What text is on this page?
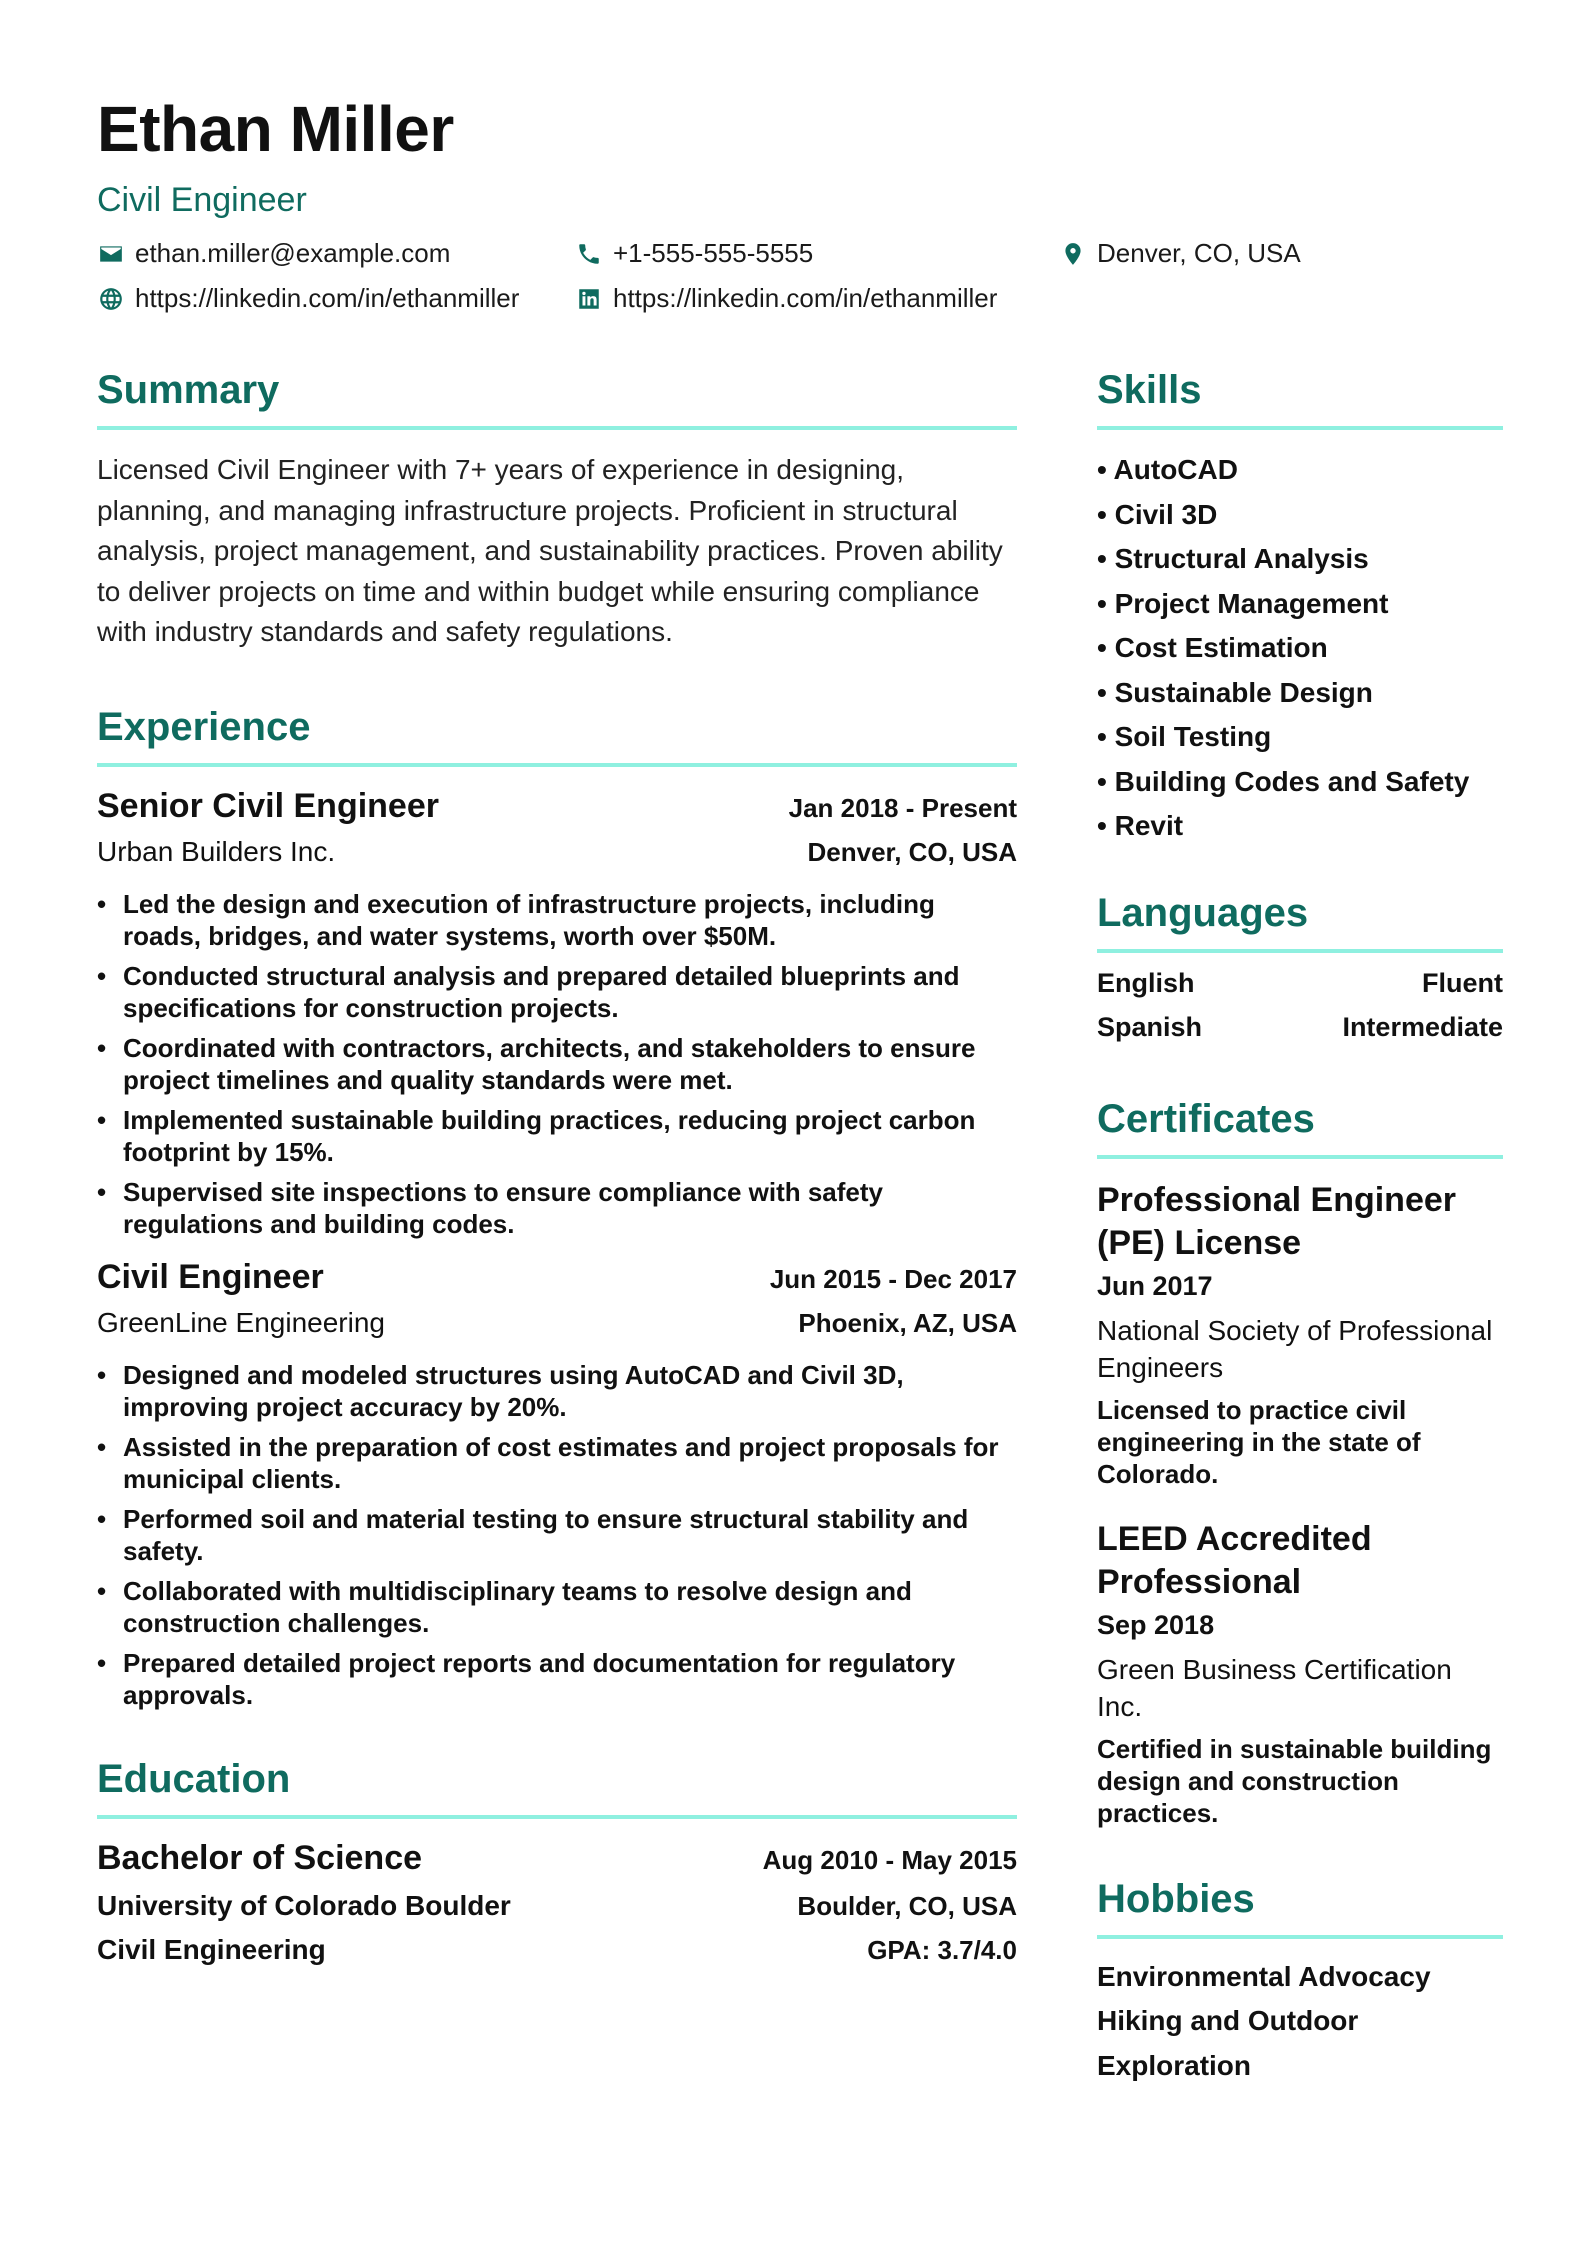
Ethan Miller
Civil Engineer
ethan.miller@example.com	+1-555-555-5555	Denver, CO, USA
https://linkedin.com/in/ethanmiller	https://linkedin.com/in/ethanmiller
Summary

Licensed Civil Engineer with 7+ years of experience in designing, planning, and managing infrastructure projects. Proficient in structural analysis, project management, and sustainability practices. Proven ability to deliver projects on time and within budget while ensuring compliance with industry standards and safety regulations.

Experience
Senior Civil Engineer	Jan 2018 - Present
Urban Builders Inc.	Denver, CO, USA
• Led the design and execution of infrastructure projects, including roads, bridges, and water systems, worth over $50M.
• Conducted structural analysis and prepared detailed blueprints and specifications for construction projects.
• Coordinated with contractors, architects, and stakeholders to ensure project timelines and quality standards were met.
• Implemented sustainable building practices, reducing project carbon footprint by 15%.
• Supervised site inspections to ensure compliance with safety regulations and building codes.
Civil Engineer	Jun 2015 - Dec 2017
GreenLine Engineering	Phoenix, AZ, USA
• Designed and modeled structures using AutoCAD and Civil 3D, improving project accuracy by 20%.
• Assisted in the preparation of cost estimates and project proposals for municipal clients.
• Performed soil and material testing to ensure structural stability and safety.
• Collaborated with multidisciplinary teams to resolve design and construction challenges.
• Prepared detailed project reports and documentation for regulatory approvals.
Education
Bachelor of Science	Aug 2010 - May 2015
University of Colorado Boulder	Boulder, CO, USA
Civil Engineering	GPA: 3.7/4.0
Skills
• AutoCAD
• Civil 3D
• Structural Analysis
• Project Management
• Cost Estimation
• Sustainable Design
• Soil Testing
• Building Codes and Safety
• Revit
Languages
English	Fluent
Spanish	Intermediate
Certificates
Professional Engineer (PE) License
Jun 2017
National Society of Professional Engineers
Licensed to practice civil engineering in the state of Colorado.
LEED Accredited Professional
Sep 2018
Green Business Certification Inc.
Certified in sustainable building design and construction practices.
Hobbies
Environmental Advocacy
Hiking and Outdoor Exploration
